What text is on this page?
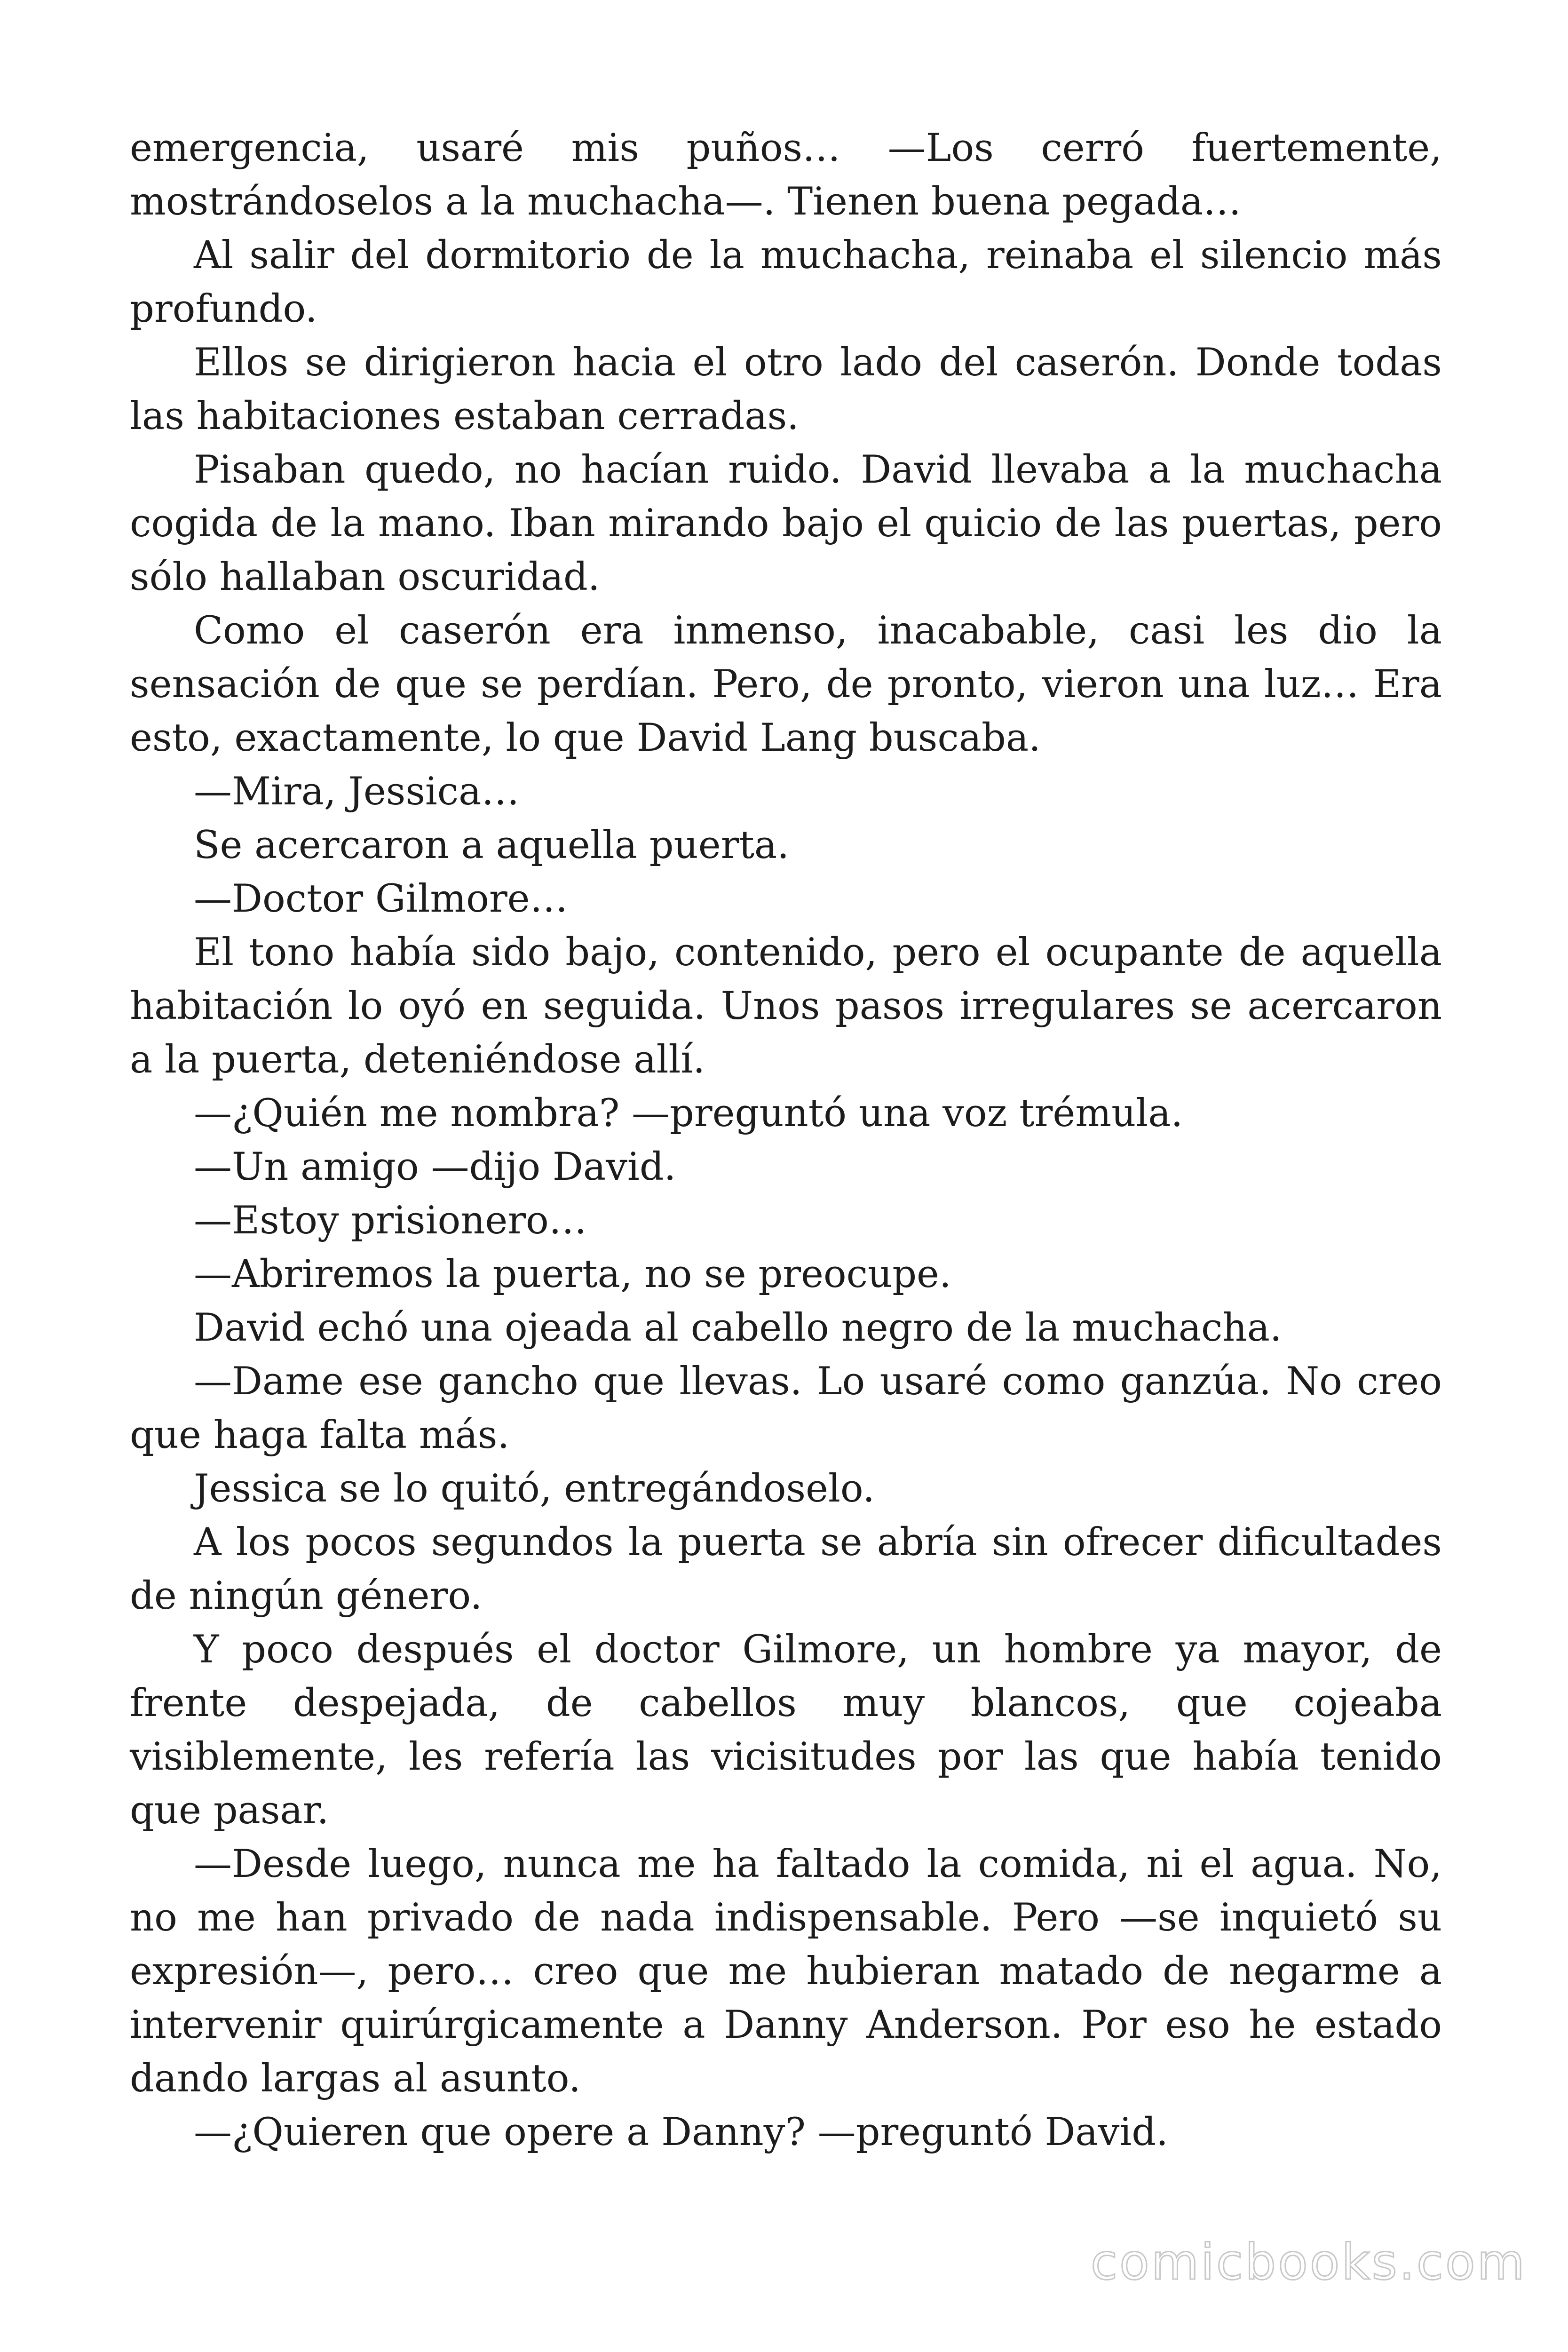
emergencia, usaré mis puños… —Los cerró fuertemente, mostrándoselos a la muchacha—. Tienen buena pegada…

Al salir del dormitorio de la muchacha, reinaba el silencio más profundo.

Ellos se dirigieron hacia el otro lado del caserón. Donde todas las habitaciones estaban cerradas.

Pisaban quedo, no hacían ruido. David llevaba a la muchacha cogida de la mano. Iban mirando bajo el quicio de las puertas, pero sólo hallaban oscuridad.

Como el caserón era inmenso, inacabable, casi les dio la sensación de que se perdían. Pero, de pronto, vieron una luz… Era esto, exactamente, lo que David Lang buscaba.

—Mira, Jessica…

Se acercaron a aquella puerta.

—Doctor Gilmore…

El tono había sido bajo, contenido, pero el ocupante de aquella habitación lo oyó en seguida. Unos pasos irregulares se acercaron a la puerta, deteniéndose allí.

—¿Quién me nombra? —preguntó una voz trémula.

—Un amigo —dijo David.

—Estoy prisionero…

—Abriremos la puerta, no se preocupe.

David echó una ojeada al cabello negro de la muchacha.

—Dame ese gancho que llevas. Lo usaré como ganzúa. No creo que haga falta más.

Jessica se lo quitó, entregándoselo.

A los pocos segundos la puerta se abría sin ofrecer dificultades de ningún género.

Y poco después el doctor Gilmore, un hombre ya mayor, de frente despejada, de cabellos muy blancos, que cojeaba visiblemente, les refería las vicisitudes por las que había tenido que pasar.

—Desde luego, nunca me ha faltado la comida, ni el agua. No, no me han privado de nada indispensable. Pero —se inquietó su expresión—, pero… creo que me hubieran matado de negarme a intervenir quirúrgicamente a Danny Anderson. Por eso he estado dando largas al asunto.

—¿Quieren que opere a Danny? —preguntó David.

comicbooks.com
